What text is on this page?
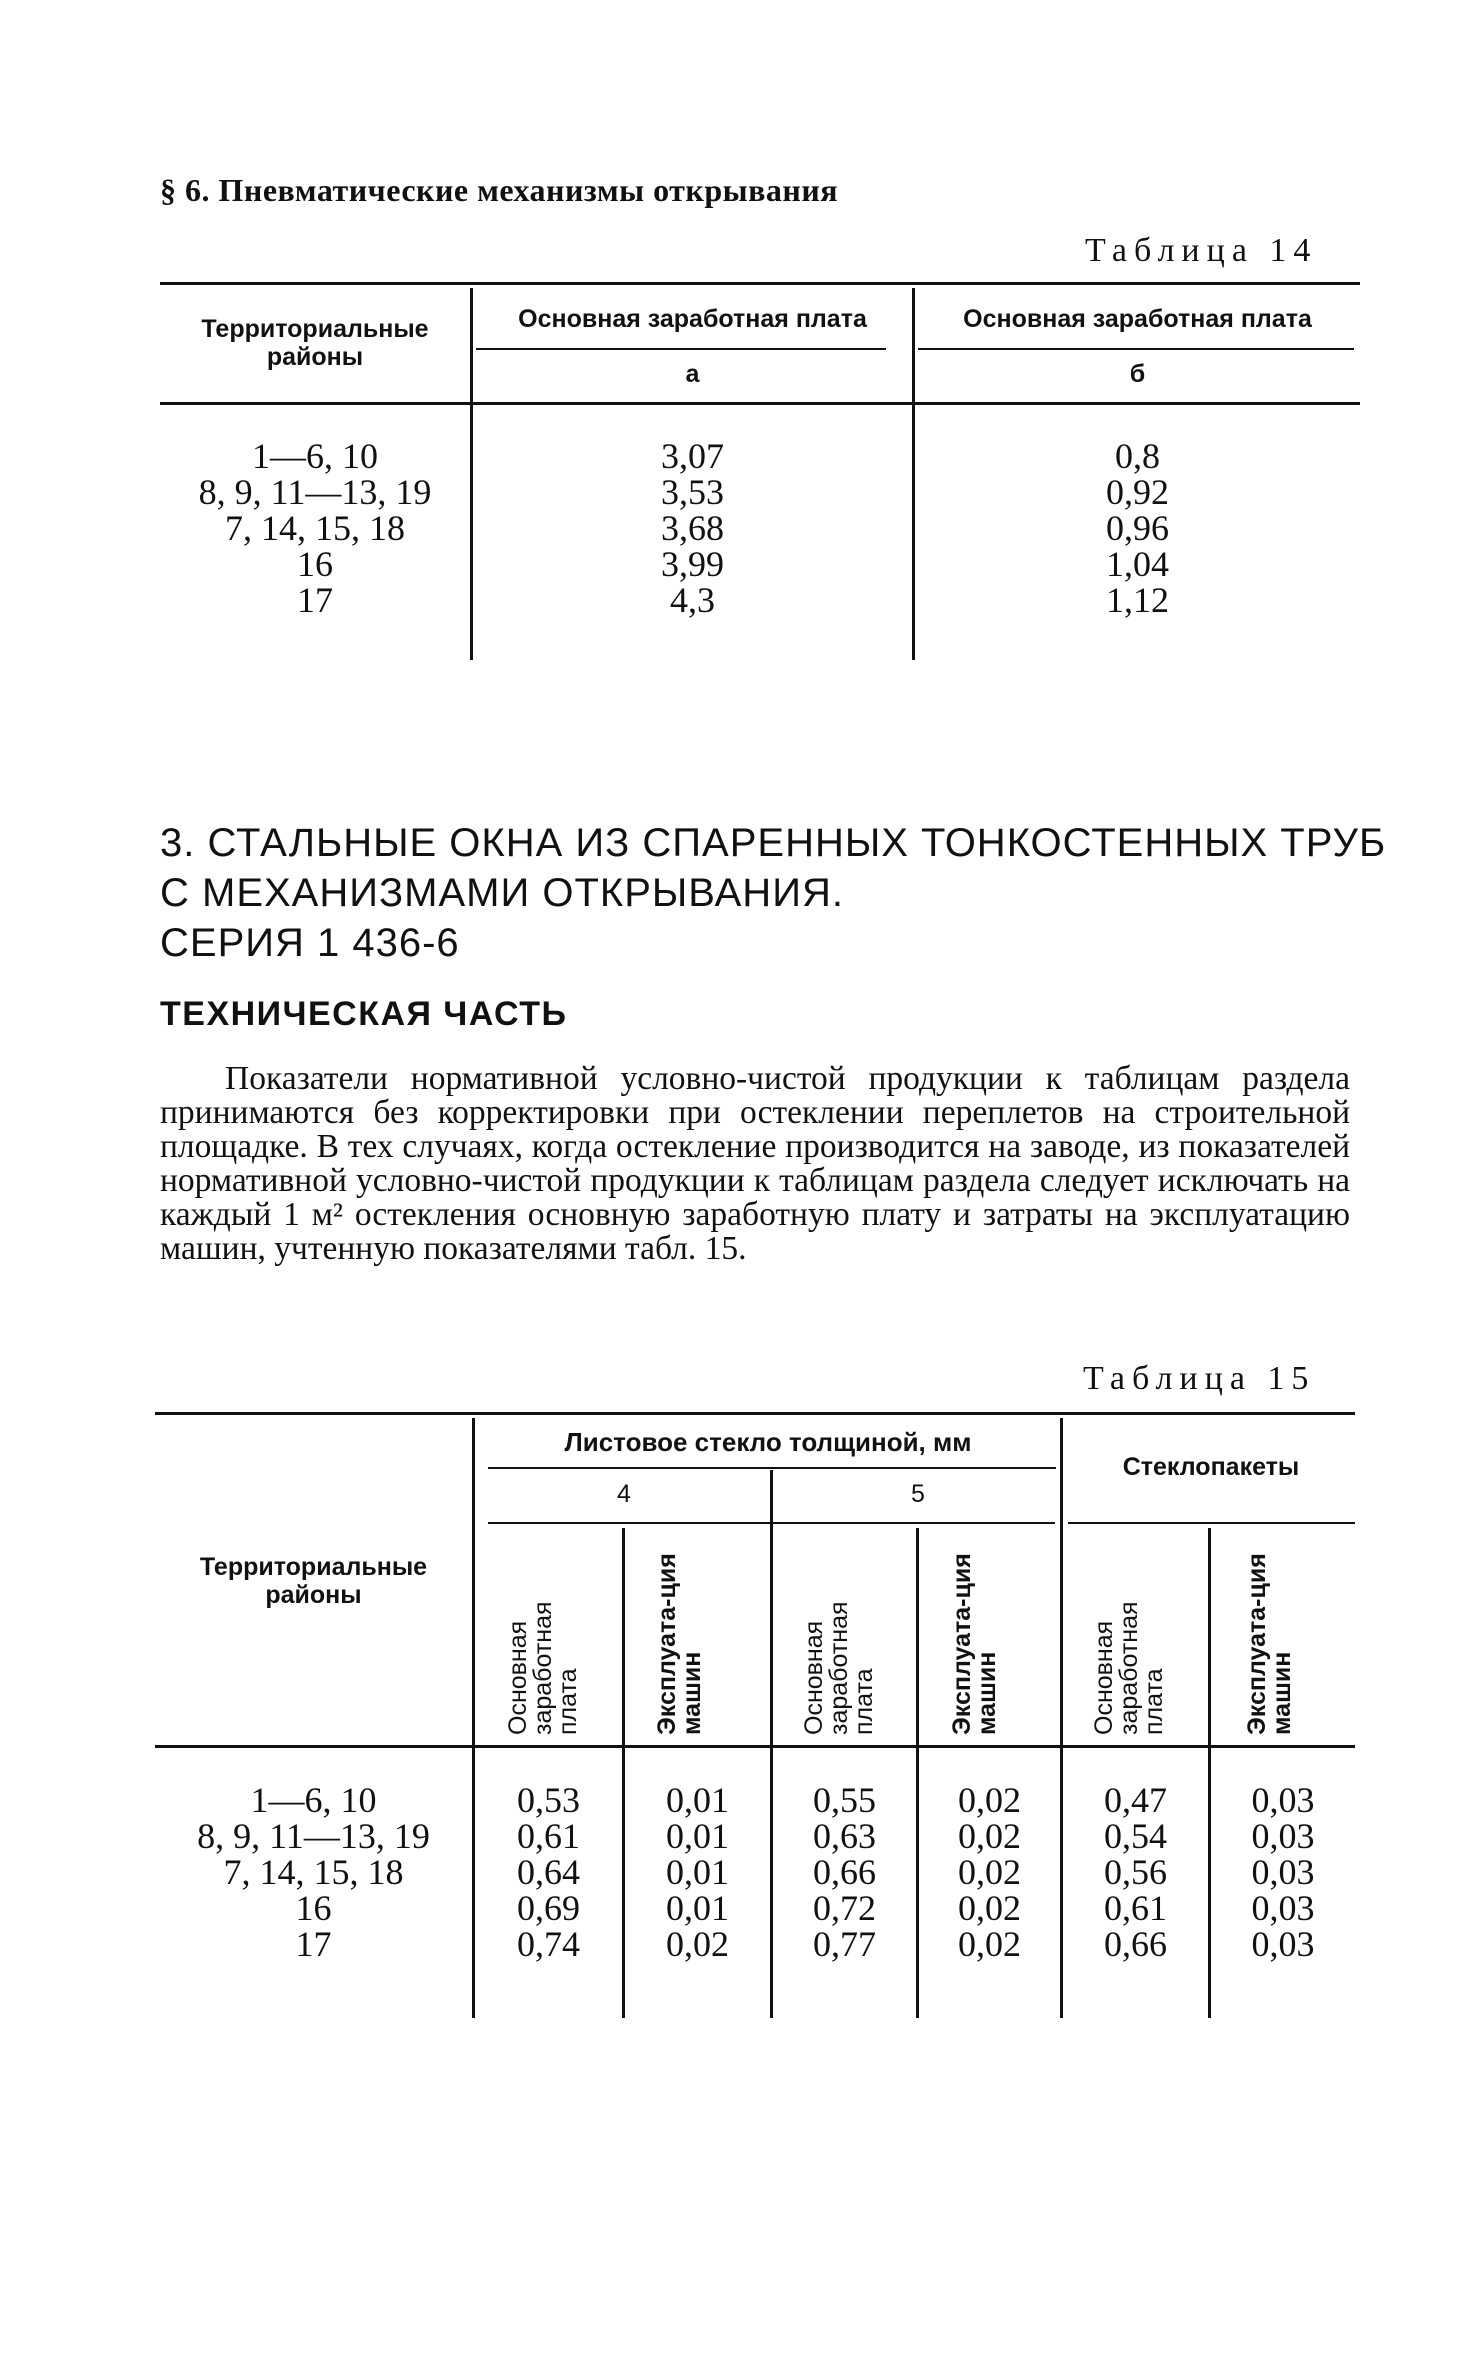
§ 6. Пневматические механизмы открывания
Таблица 14
Территориальные районы
Основная заработная плата
а
Основная заработная плата
б
1—6, 10	3,07	0,8
8, 9, 11—13, 19	3,53	0,92
7, 14, 15, 18	3,68	0,96
16	3,99	1,04
17	4,3	1,12
3. СТАЛЬНЫЕ ОКНА ИЗ СПАРЕННЫХ ТОНКОСТЕННЫХ ТРУБ
С МЕХАНИЗМАМИ ОТКРЫВАНИЯ.
СЕРИЯ 1 436-6
ТЕХНИЧЕСКАЯ ЧАСТЬ

Показатели нормативной условно-чистой продукции к таблицам раздела принимаются без корректировки при остеклении переплетов на строительной площадке. В тех случаях, когда остекление производится на заводе, из показателей нормативной условно-чистой продукции к таблицам раздела следует исключать на каждый 1 м² остекления основную заработную плату и затраты на эксплуатацию машин, учтенную показателями табл. 15.

Таблица 15
Территориальные районы
Листовое стекло толщиной, мм
4	5
Стеклопакеты
Основная заработная плата	Эксплуата-ция машин	Основная заработная плата	Эксплуата-ция машин	Основная заработная плата	Эксплуата-ция машин
1—6, 10	0,53	0,01	0,55	0,02	0,47	0,03
8, 9, 11—13, 19	0,61	0,01	0,63	0,02	0,54	0,03
7, 14, 15, 18	0,64	0,01	0,66	0,02	0,56	0,03
16	0,69	0,01	0,72	0,02	0,61	0,03
17	0,74	0,02	0,77	0,02	0,66	0,03
